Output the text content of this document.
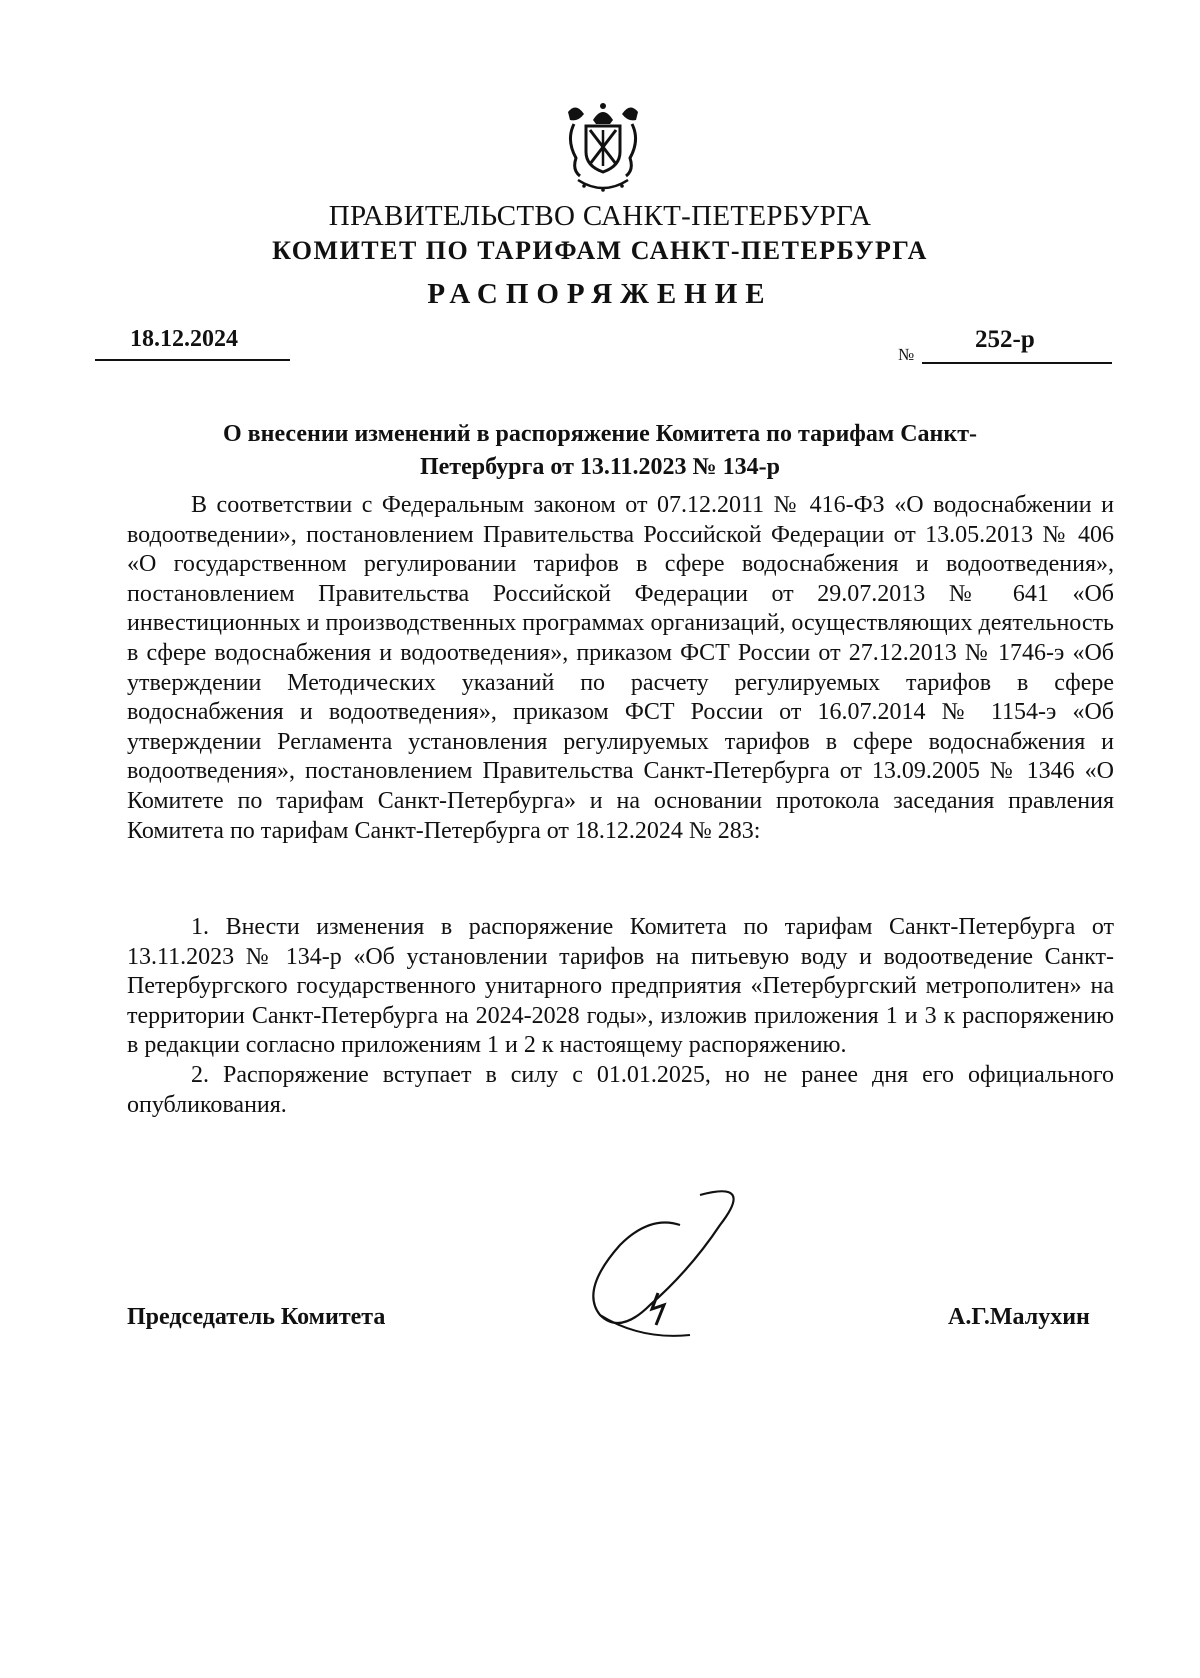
ПРАВИТЕЛЬСТВО САНКТ-ПЕТЕРБУРГА
КОМИТЕТ ПО ТАРИФАМ САНКТ-ПЕТЕРБУРГА
РАСПОРЯЖЕНИЕ
18.12.2024
№
252-р
О внесении изменений в распоряжение Комитета по тарифам Санкт-Петербурга от 13.11.2023 № 134-р

В соответствии с Федеральным законом от 07.12.2011 № 416-ФЗ «О водоснабжении и водоотведении», постановлением Правительства Российской Федерации от 13.05.2013 № 406 «О государственном регулировании тарифов в сфере водоснабжения и водоотведения», постановлением Правительства Российской Федерации от 29.07.2013 № 641 «Об инвестиционных и производственных программах организаций, осуществляющих деятельность в сфере водоснабжения и водоотведения», приказом ФСТ России от 27.12.2013 № 1746-э «Об утверждении Методических указаний по расчету регулируемых тарифов в сфере водоснабжения и водоотведения», приказом ФСТ России от 16.07.2014 № 1154-э «Об утверждении Регламента установления регулируемых тарифов в сфере водоснабжения и водоотведения», постановлением Правительства Санкт-Петербурга от 13.09.2005 № 1346 «О Комитете по тарифам Санкт-Петербурга» и на основании протокола заседания правления Комитета по тарифам Санкт-Петербурга от 18.12.2024 № 283:

1. Внести изменения в распоряжение Комитета по тарифам Санкт-Петербурга от 13.11.2023 № 134-р «Об установлении тарифов на питьевую воду и водоотведение Санкт-Петербургского государственного унитарного предприятия «Петербургский метрополитен» на территории Санкт-Петербурга на 2024-2028 годы», изложив приложения 1 и 3 к распоряжению в редакции согласно приложениям 1 и 2 к настоящему распоряжению.

2. Распоряжение вступает в силу с 01.01.2025, но не ранее дня его официального опубликования.

Председатель Комитета	А.Г.Малухин
